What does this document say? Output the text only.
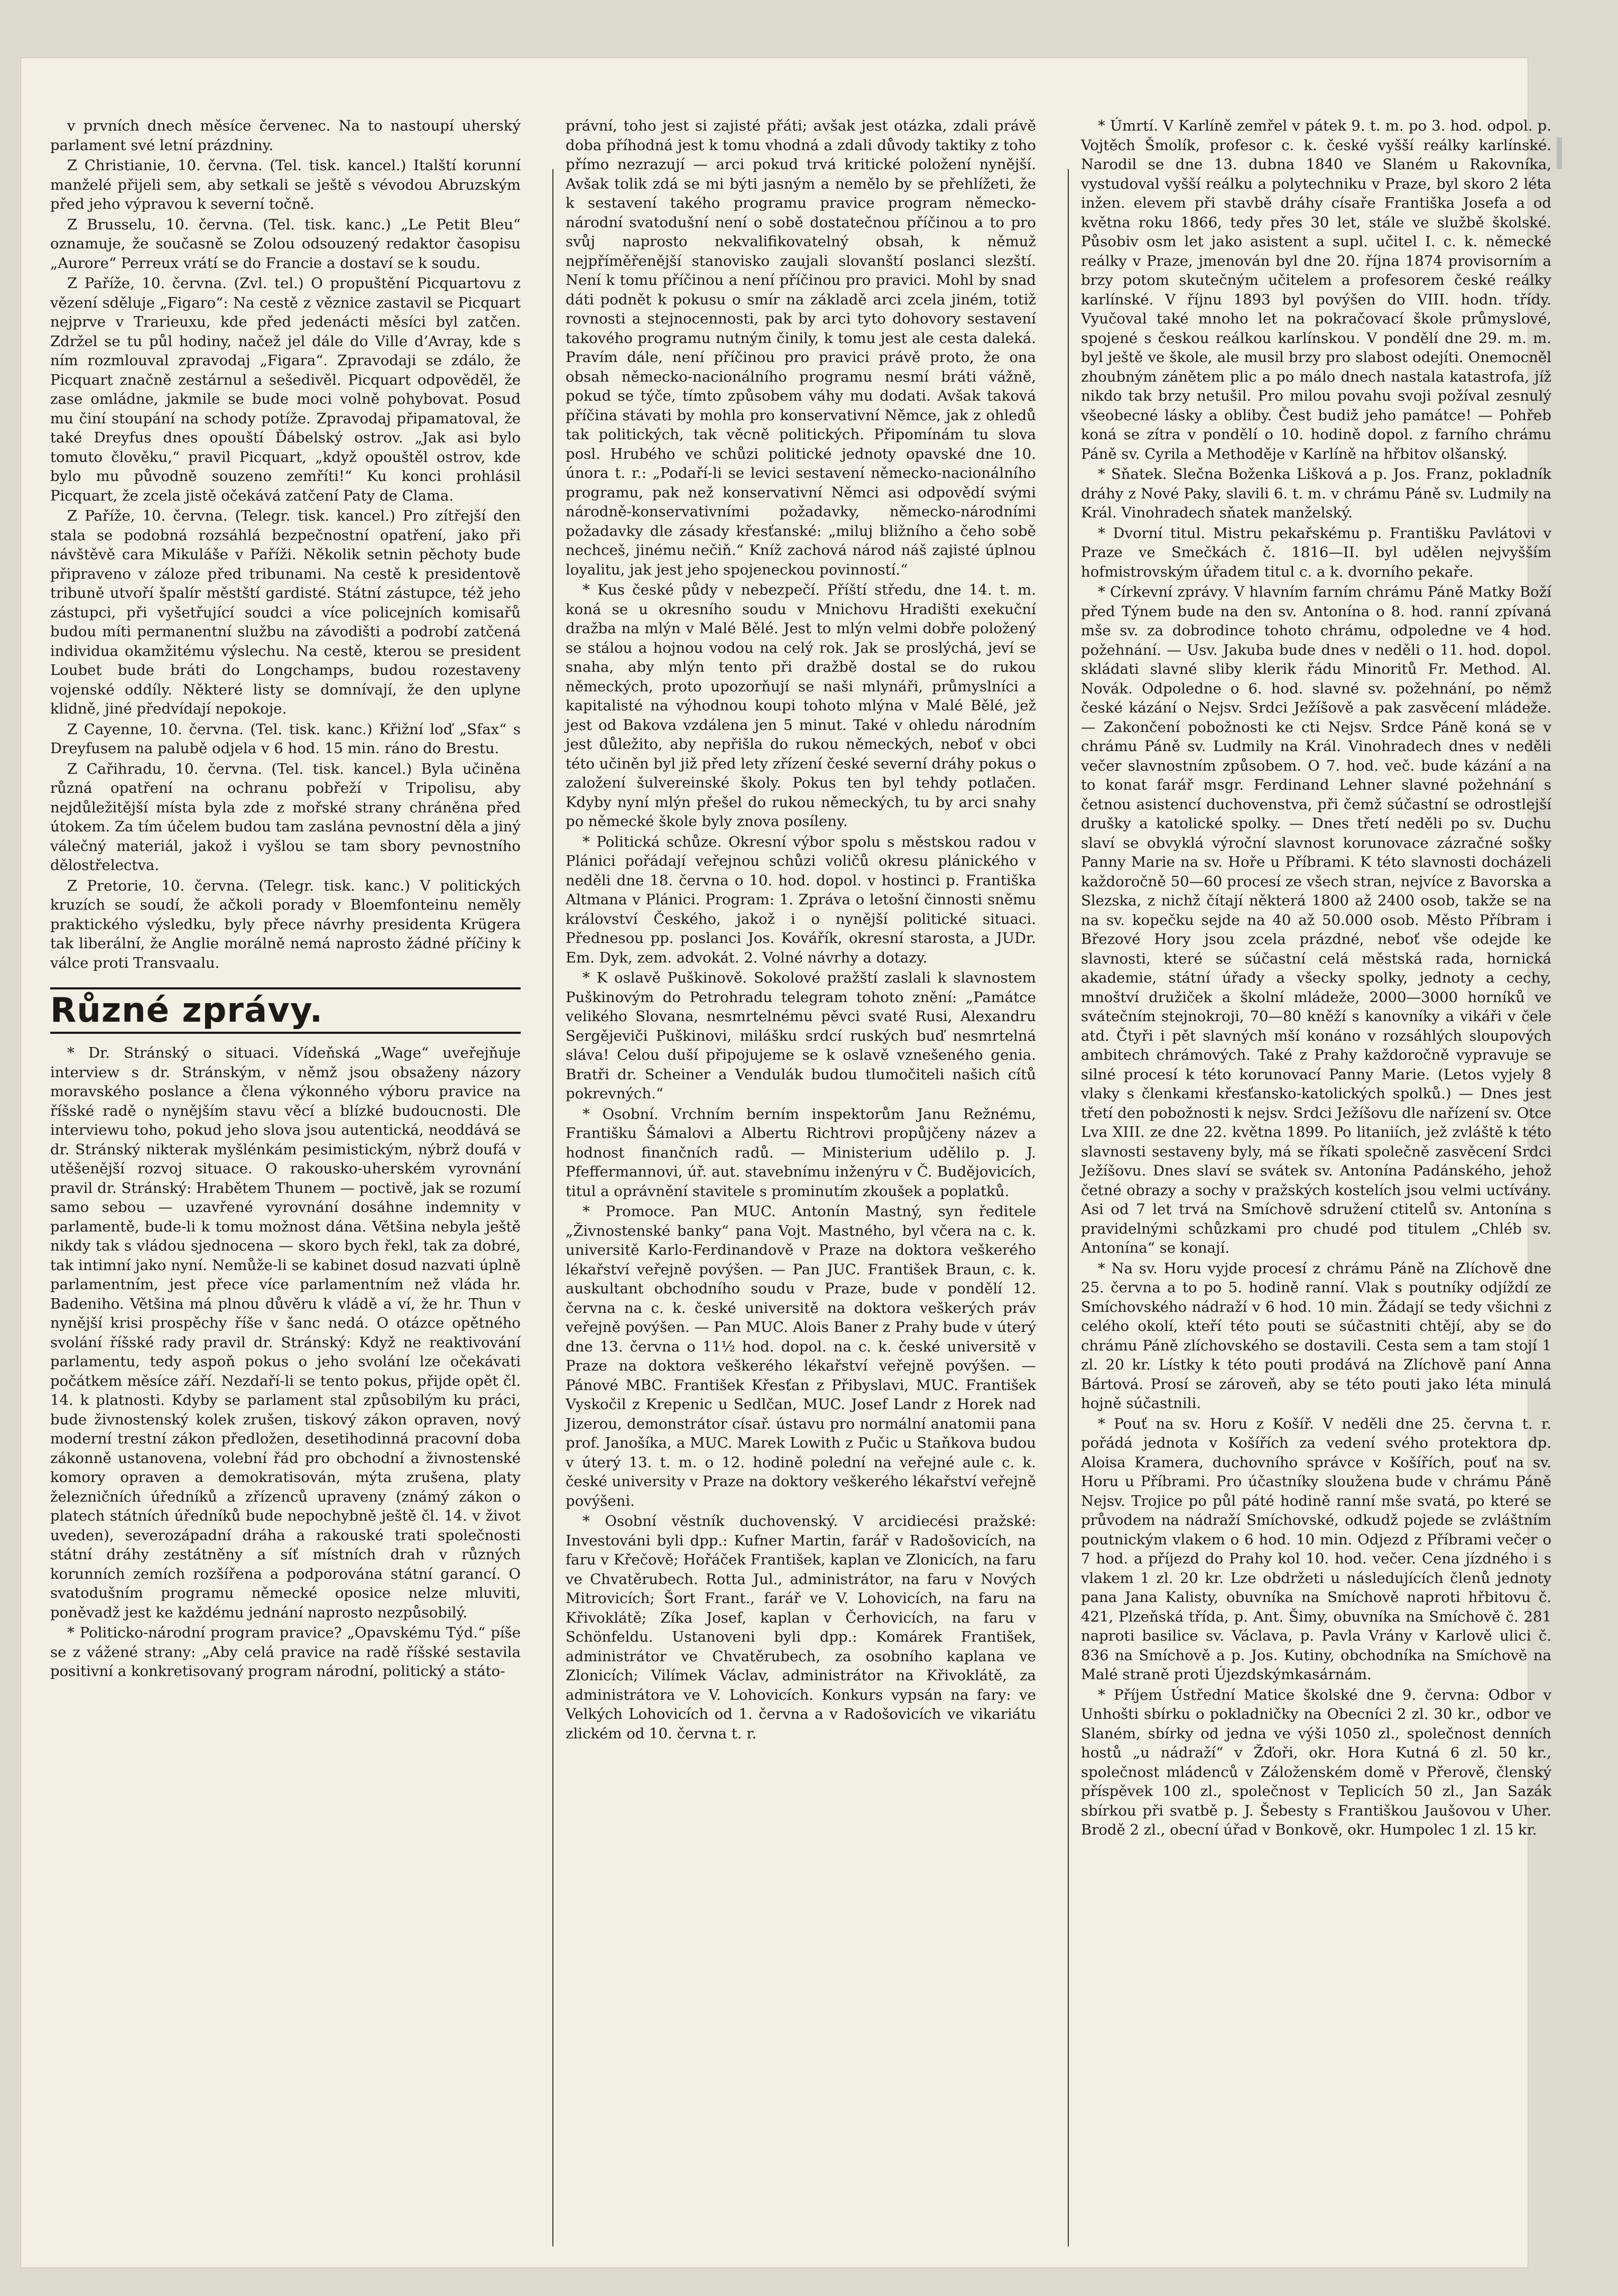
v prvních dnech měsíce červenec. Na to nastoupí uherský parlament své letní prázdniny.

Z Christianie, 10. června. (Tel. tisk. kancel.) Italští korunní manželé přijeli sem, aby setkali se ještě s vévodou Abruzským před jeho výpravou k severní točně.

Z Brusselu, 10. června. (Tel. tisk. kanc.) „Le Petit Bleu“ oznamuje, že současně se Zolou odsouzený redaktor časopisu „Aurore“ Perreux vrátí se do Francie a dostaví se k soudu.

Z Paříže, 10. června. (Zvl. tel.) O propuštění Picquartovu z vězení sděluje „Figaro“: Na cestě z věznice zastavil se Picquart nejprve v Trarieuxu, kde před jedenácti měsíci byl zatčen. Zdržel se tu půl hodiny, načež jel dále do Ville d’Avray, kde s ním rozmlouval zpravodaj „Figara“. Zpravodaji se zdálo, že Picquart značně zestárnul a sešedivěl. Picquart odpověděl, že zase omládne, jakmile se bude moci volně pohybovat. Posud mu činí stoupání na schody potíže. Zpravodaj připamatoval, že také Dreyfus dnes opouští Ďábelský ostrov. „Jak asi bylo tomuto člověku,“ pravil Picquart, „když opouštěl ostrov, kde bylo mu původně souzeno zemříti!“ Ku konci prohlásil Picquart, že zcela jistě očekává zatčení Paty de Clama.

Z Paříže, 10. června. (Telegr. tisk. kancel.) Pro zítřejší den stala se podobná rozsáhlá bezpečnostní opatření, jako při návštěvě cara Mikuláše v Paříži. Několik setnin pěchoty bude připraveno v záloze před tribunami. Na cestě k presidentově tribuně utvoří špalír městští gardisté. Státní zástupce, též jeho zástupci, při vyšetřující soudci a více policejních komisařů budou míti permanentní službu na závodišti a podrobí zatčená individua okamžitému výslechu. Na cestě, kterou se president Loubet bude bráti do Longchamps, budou rozestaveny vojenské oddíly. Některé listy se domnívají, že den uplyne klidně, jiné předvídají nepokoje.

Z Cayenne, 10. června. (Tel. tisk. kanc.) Křižní loď „Sfax“ s Dreyfusem na palubě odjela v 6 hod. 15 min. ráno do Brestu.

Z Cařihradu, 10. června. (Tel. tisk. kancel.) Byla učiněna různá opatření na ochranu pobřeží v Tripolisu, aby nejdůležitější místa byla zde z mořské strany chráněna před útokem. Za tím účelem budou tam zaslána pevnostní děla a jiný válečný materiál, jakož i vyšlou se tam sbory pevnostního dělostřelectva.

Z Pretorie, 10. června. (Telegr. tisk. kanc.) V politických kruzích se soudí, že ačkoli porady v Bloemfonteinu neměly praktického výsledku, byly přece návrhy presidenta Krügera tak liberální, že Anglie morálně nemá naprosto žádné příčiny k válce proti Transvaalu.

Různé zprávy.

* Dr. Stránský o situaci. Vídeňská „Wage“ uveřejňuje interview s dr. Stránským, v němž jsou obsaženy názory moravského poslance a člena výkonného výboru pravice na říšské radě o nynějším stavu věcí a blízké budoucnosti. Dle interviewu toho, pokud jeho slova jsou autentická, neoddává se dr. Stránský nikterak myšlénkám pesimistickým, nýbrž doufá v utěšenější rozvoj situace. O rakousko-uherském vyrovnání pravil dr. Stránský: Hrabětem Thunem — poctivě, jak se rozumí samo sebou — uzavřené vyrovnání dosáhne indemnity v parlamentě, bude-li k tomu možnost dána. Většina nebyla ještě nikdy tak s vládou sjednocena — skoro bych řekl, tak za dobré, tak intimní jako nyní. Nemůže-li se kabinet dosud nazvati úplně parlamentním, jest přece více parlamentním než vláda hr. Badeniho. Většina má plnou důvěru k vládě a ví, že hr. Thun v nynější krisi prospěchy říše v šanc nedá. O otázce opětného svolání říšské rady pravil dr. Stránský: Když ne reaktivování parlamentu, tedy aspoň pokus o jeho svolání lze očekávati počátkem měsíce září. Nezdaří-li se tento pokus, přijde opět čl. 14. k platnosti. Kdyby se parlament stal způsobilým ku práci, bude živnostenský kolek zrušen, tiskový zákon opraven, nový moderní trestní zákon předložen, desetihodinná pracovní doba zákonně ustanovena, volební řád pro obchodní a živnostenské komory opraven a demokratisován, mýta zrušena, platy železničních úředníků a zřízenců upraveny (známý zákon o platech státních úředníků bude nepochybně ještě čl. 14. v život uveden), severozápadní dráha a rakouské trati společnosti státní dráhy zestátněny a síť místních drah v různých korunních zemích rozšířena a podporována státní garancí. O svatodušním programu německé oposice nelze mluviti, poněvadž jest ke každému jednání naprosto nezpůsobilý.

* Politicko-národní program pravice? „Opavskému Týd.“ píše se z vážené strany: „Aby celá pravice na radě říšské sestavila positivní a konkretisovaný program národní, politický a státo-

právní, toho jest si zajisté přáti; avšak jest otázka, zdali právě doba příhodná jest k tomu vhodná a zdali důvody taktiky z toho přímo nezrazují — arci pokud trvá kritické položení nynější. Avšak tolik zdá se mi býti jasným a nemělo by se přehlížeti, že k sestavení takého programu pravice program německo-národní svatodušní není o sobě dostatečnou příčinou a to pro svůj naprosto nekvalifikovatelný obsah, k němuž nejpříměřenější stanovisko zaujali slovanští poslanci slezští. Není k tomu příčinou a není příčinou pro pravici. Mohl by snad dáti podnět k pokusu o smír na základě arci zcela jiném, totiž rovnosti a stejnocennosti, pak by arci tyto dohovory sestavení takového programu nutným činily, k tomu jest ale cesta daleká. Pravím dále, není příčinou pro pravici právě proto, že ona obsah německo-nacionálního programu nesmí bráti vážně, pokud se týče, tímto způsobem váhy mu dodati. Avšak taková příčina stávati by mohla pro konservativní Němce, jak z ohledů tak politických, tak věcně politických. Připomínám tu slova posl. Hrubého ve schůzi politické jednoty opavské dne 10. února t. r.: „Podaří-li se levici sestavení německo-nacionálního programu, pak než konservativní Němci asi odpovědí svými národně-konservativními požadavky, německo-národními požadavky dle zásady křesťanské: „miluj bližního a čeho sobě nechceš, jinému nečiň.“ Kníž zachová národ náš zajisté úplnou loyalitu, jak jest jeho spojeneckou povinností.“

* Kus české půdy v nebezpečí. Příští středu, dne 14. t. m. koná se u okresního soudu v Mnichovu Hradišti exekuční dražba na mlýn v Malé Bělé. Jest to mlýn velmi dobře položený se stálou a hojnou vodou na celý rok. Jak se proslýchá, jeví se snaha, aby mlýn tento při dražbě dostal se do rukou německých, proto upozorňují se naši mlynáři, průmyslníci a kapitalisté na výhodnou koupi tohoto mlýna v Malé Bělé, jež jest od Bakova vzdálena jen 5 minut. Také v ohledu národním jest důležito, aby nepřišla do rukou německých, neboť v obci této učiněn byl již před lety zřízení české severní dráhy pokus o založení šulvereinské školy. Pokus ten byl tehdy potlačen. Kdyby nyní mlýn přešel do rukou německých, tu by arci snahy po německé škole byly znova posíleny.

* Politická schůze. Okresní výbor spolu s městskou radou v Plánici pořádají veřejnou schůzi voličů okresu plánického v neděli dne 18. června o 10. hod. dopol. v hostinci p. Františka Altmana v Plánici. Program: 1. Zpráva o letošní činnosti sněmu království Českého, jakož i o nynější politické situaci. Přednesou pp. poslanci Jos. Kovářík, okresní starosta, a JUDr. Em. Dyk, zem. advokát. 2. Volné návrhy a dotazy.

* K oslavě Puškinově. Sokolové pražští zaslali k slavnostem Puškinovým do Petrohradu telegram tohoto znění: „Památce velikého Slovana, nesmrtelnému pěvci svaté Rusi, Alexandru Sergějeviči Puškinovi, milášku srdcí ruských buď nesmrtelná sláva! Celou duší připojujeme se k oslavě vznešeného genia. Bratři dr. Scheiner a Vendulák budou tlumočiteli našich cítů pokrevných.“

* Osobní. Vrchním berním inspektorům Janu Režnému, Františku Šámalovi a Albertu Richtrovi propůjčeny název a hodnost finančních radů. — Ministerium udělilo p. J. Pfeffermannovi, úř. aut. stavebnímu inženýru v Č. Budějovicích, titul a oprávnění stavitele s prominutím zkoušek a poplatků.

* Promoce. Pan MUC. Antonín Mastný, syn ředitele „Živnostenské banky“ pana Vojt. Mastného, byl včera na c. k. universitě Karlo-Ferdinandově v Praze na doktora veškerého lékařství veřejně povýšen. — Pan JUC. František Braun, c. k. auskultant obchodního soudu v Praze, bude v pondělí 12. června na c. k. české universitě na doktora veškerých práv veřejně povýšen. — Pan MUC. Alois Baner z Prahy bude v úterý dne 13. června o 11½ hod. dopol. na c. k. české universitě v Praze na doktora veškerého lékařství veřejně povýšen. — Pánové MBC. František Křesťan z Přibyslavi, MUC. František Vyskočil z Krepenic u Sedlčan, MUC. Josef Landr z Horek nad Jizerou, demonstrátor císař. ústavu pro normální anatomii pana prof. Janošíka, a MUC. Marek Lowith z Pučic u Staňkova budou v úterý 13. t. m. o 12. hodině polední na veřejné aule c. k. české university v Praze na doktory veškerého lékařství veřejně povýšeni.

* Osobní věstník duchovenský. V arcidiecési pražské: Investováni byli dpp.: Kufner Martin, farář v Radošovicích, na faru v Křečově; Hořáček František, kaplan ve Zlonicích, na faru ve Chvatěrubech. Rotta Jul., administrátor, na faru v Nových Mitrovicích; Šort Frant., farář ve V. Lohovicích, na faru na Křivoklátě; Zíka Josef, kaplan v Čerhovicích, na faru v Schönfeldu. Ustanoveni byli dpp.: Komárek František, administrátor ve Chvatěrubech, za osobního kaplana ve Zlonicích; Vilímek Václav, administrátor na Křivoklátě, za administrátora ve V. Lohovicích. Konkurs vypsán na fary: ve Velkých Lohovicích od 1. června a v Radošovicích ve vikariátu zlickém od 10. června t. r.

* Úmrtí. V Karlíně zemřel v pátek 9. t. m. po 3. hod. odpol. p. Vojtěch Šmolík, profesor c. k. české vyšší reálky karlínské. Narodil se dne 13. dubna 1840 ve Slaném u Rakovníka, vystudoval vyšší reálku a polytechniku v Praze, byl skoro 2 léta inžen. elevem při stavbě dráhy císaře Františka Josefa a od května roku 1866, tedy přes 30 let, stále ve službě školské. Působiv osm let jako asistent a supl. učitel I. c. k. německé reálky v Praze, jmenován byl dne 20. října 1874 provisorním a brzy potom skutečným učitelem a profesorem české reálky karlínské. V říjnu 1893 byl povýšen do VIII. hodn. třídy. Vyučoval také mnoho let na pokračovací škole průmyslové, spojené s českou reálkou karlínskou. V pondělí dne 29. m. m. byl ještě ve škole, ale musil brzy pro slabost odejíti. Onemocněl zhoubným zánětem plic a po málo dnech nastala katastrofa, jíž nikdo tak brzy netušil. Pro milou povahu svoji požíval zesnulý všeobecné lásky a obliby. Čest budiž jeho památce! — Pohřeb koná se zítra v pondělí o 10. hodině dopol. z farního chrámu Páně sv. Cyrila a Methoděje v Karlíně na hřbitov olšanský.

* Sňatek. Slečna Boženka Lišková a p. Jos. Franz, pokladník dráhy z Nové Paky, slavili 6. t. m. v chrámu Páně sv. Ludmily na Král. Vinohradech sňatek manželský.

* Dvorní titul. Mistru pekařskému p. Františku Pavlátovi v Praze ve Smečkách č. 1816—II. byl udělen nejvyšším hofmistrovským úřadem titul c. a k. dvorního pekaře.

* Církevní zprávy. V hlavním farním chrámu Páně Matky Boží před Týnem bude na den sv. Antonína o 8. hod. ranní zpívaná mše sv. za dobrodince tohoto chrámu, odpoledne ve 4 hod. požehnání. — Usv. Jakuba bude dnes v neděli o 11. hod. dopol. skládati slavné sliby klerik řádu Minoritů Fr. Method. Al. Novák. Odpoledne o 6. hod. slavné sv. požehnání, po němž české kázání o Nejsv. Srdci Ježíšově a pak zasvěcení mládeže. — Zakončení pobožnosti ke cti Nejsv. Srdce Páně koná se v chrámu Páně sv. Ludmily na Král. Vinohradech dnes v neděli večer slavnostním způsobem. O 7. hod. več. bude kázání a na to konat farář msgr. Ferdinand Lehner slavné požehnání s četnou asistencí duchovenstva, při čemž súčastní se odrostlejší drušky a katolické spolky. — Dnes třetí neděli po sv. Duchu slaví se obvyklá výroční slavnost korunovace zázračné sošky Panny Marie na sv. Hoře u Příbrami. K této slavnosti docházeli každoročně 50—60 procesí ze všech stran, nejvíce z Bavorska a Slezska, z nichž čítají některá 1800 až 2400 osob, takže se na na sv. kopečku sejde na 40 až 50.000 osob. Město Příbram i Březové Hory jsou zcela prázdné, neboť vše odejde ke slavnosti, které se súčastní celá městská rada, hornická akademie, státní úřady a všecky spolky, jednoty a cechy, mnoštví družiček a školní mládeže, 2000—3000 horníků ve svátečním stejnokroji, 70—80 kněží s kanovníky a vikáři v čele atd. Čtyři i pět slavných mší konáno v rozsáhlých sloupových ambitech chrámových. Také z Prahy každoročně vypravuje se silné procesí k této korunovací Panny Marie. (Letos vyjely 8 vlaky s členkami křesťansko-katolických spolků.) — Dnes jest třetí den pobožnosti k nejsv. Srdci Ježíšovu dle nařízení sv. Otce Lva XIII. ze dne 22. května 1899. Po litaniích, jež zvláště k této slavnosti sestaveny byly, má se říkati společně zasvěcení Srdci Ježíšovu. Dnes slaví se svátek sv. Antonína Padánského, jehož četné obrazy a sochy v pražských kostelích jsou velmi uctívány. Asi od 7 let trvá na Smíchově sdružení ctitelů sv. Antonína s pravidelnými schůzkami pro chudé pod titulem „Chléb sv. Antonína“ se konají.

* Na sv. Horu vyjde procesí z chrámu Páně na Zlíchově dne 25. června a to po 5. hodině ranní. Vlak s poutníky odjíždí ze Smíchovského nádraží v 6 hod. 10 min. Žádají se tedy všichni z celého okolí, kteří této pouti se súčastniti chtějí, aby se do chrámu Páně zlíchovského se dostavili. Cesta sem a tam stojí 1 zl. 20 kr. Lístky k této pouti prodává na Zlíchově paní Anna Bártová. Prosí se zároveň, aby se této pouti jako léta minulá hojně súčastnili.

* Pouť na sv. Horu z Košíř. V neděli dne 25. června t. r. pořádá jednota v Košířích za vedení svého protektora dp. Aloisa Kramera, duchovního správce v Košířích, pouť na sv. Horu u Příbrami. Pro účastníky sloužena bude v chrámu Páně Nejsv. Trojice po půl páté hodině ranní mše svatá, po které se průvodem na nádraží Smíchovské, odkudž pojede se zvláštním poutnickým vlakem o 6 hod. 10 min. Odjezd z Příbrami večer o 7 hod. a příjezd do Prahy kol 10. hod. večer. Cena jízdného i s vlakem 1 zl. 20 kr. Lze obdržeti u následujících členů jednoty pana Jana Kalisty, obuvníka na Smíchově naproti hřbitovu č. 421, Plzeňská třída, p. Ant. Šimy, obuvníka na Smíchově č. 281 naproti basilice sv. Václava, p. Pavla Vrány v Karlově ulici č. 836 na Smíchově a p. Jos. Kutiny, obchodníka na Smíchově na Malé straně proti Újezdskýmkasárnám.

* Příjem Ústřední Matice školské dne 9. června: Odbor v Unhošti sbírku o pokladničky na Obecníci 2 zl. 30 kr., odbor ve Slaném, sbírky od jedna ve výši 1050 zl., společnost denních hostů „u nádraží“ v Žďoři, okr. Hora Kutná 6 zl. 50 kr., společnost mládenců v Záloženském domě v Přerově, členský příspěvek 100 zl., společnost v Teplicích 50 zl., Jan Sazák sbírkou při svatbě p. J. Šebesty s Františkou Jaušovou v Uher. Brodě 2 zl., obecní úřad v Bonkově, okr. Humpolec 1 zl. 15 kr.
